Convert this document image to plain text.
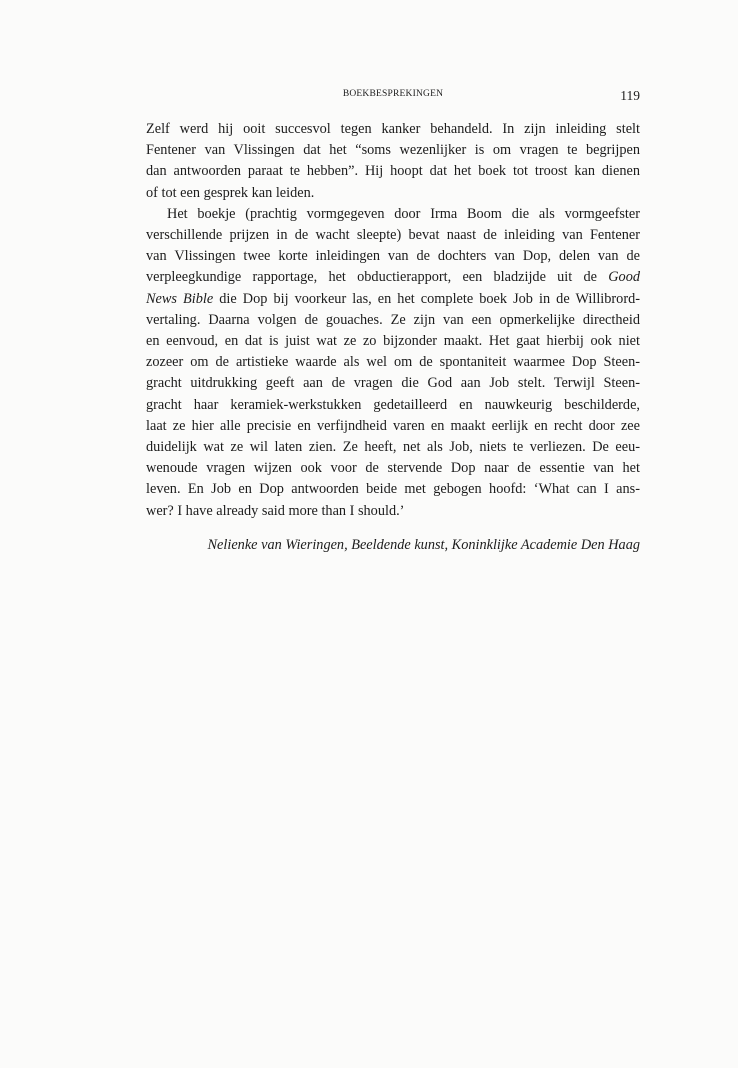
BOEKBESPREKINGEN	119

Zelf werd hij ooit succesvol tegen kanker behandeld. In zijn inleiding stelt
Fentener van Vlissingen dat het “soms wezenlijker is om vragen te begrijpen
dan antwoorden paraat te hebben”. Hij hoopt dat het boek tot troost kan dienen
of tot een gesprek kan leiden.

Het boekje (prachtig vormgegeven door Irma Boom die als vormgeefster
verschillende prijzen in de wacht sleepte) bevat naast de inleiding van Fentener
van Vlissingen twee korte inleidingen van de dochters van Dop, delen van de
verpleegkundige rapportage, het obductierapport, een bladzijde uit de Good
News Bible die Dop bij voorkeur las, en het complete boek Job in de Willibrord-
vertaling. Daarna volgen de gouaches. Ze zijn van een opmerkelijke directheid
en eenvoud, en dat is juist wat ze zo bijzonder maakt. Het gaat hierbij ook niet
zozeer om de artistieke waarde als wel om de spontaniteit waarmee Dop Steen-
gracht uitdrukking geeft aan de vragen die God aan Job stelt. Terwijl Steen-
gracht haar keramiek-werkstukken gedetailleerd en nauwkeurig beschilderde,
laat ze hier alle precisie en verfijndheid varen en maakt eerlijk en recht door zee
duidelijk wat ze wil laten zien. Ze heeft, net als Job, niets te verliezen. De eeu-
wenoude vragen wijzen ook voor de stervende Dop naar de essentie van het
leven. En Job en Dop antwoorden beide met gebogen hoofd: ‘What can I ans-
wer? I have already said more than I should.’

Nelienke van Wieringen, Beeldende kunst, Koninklijke Academie Den Haag
